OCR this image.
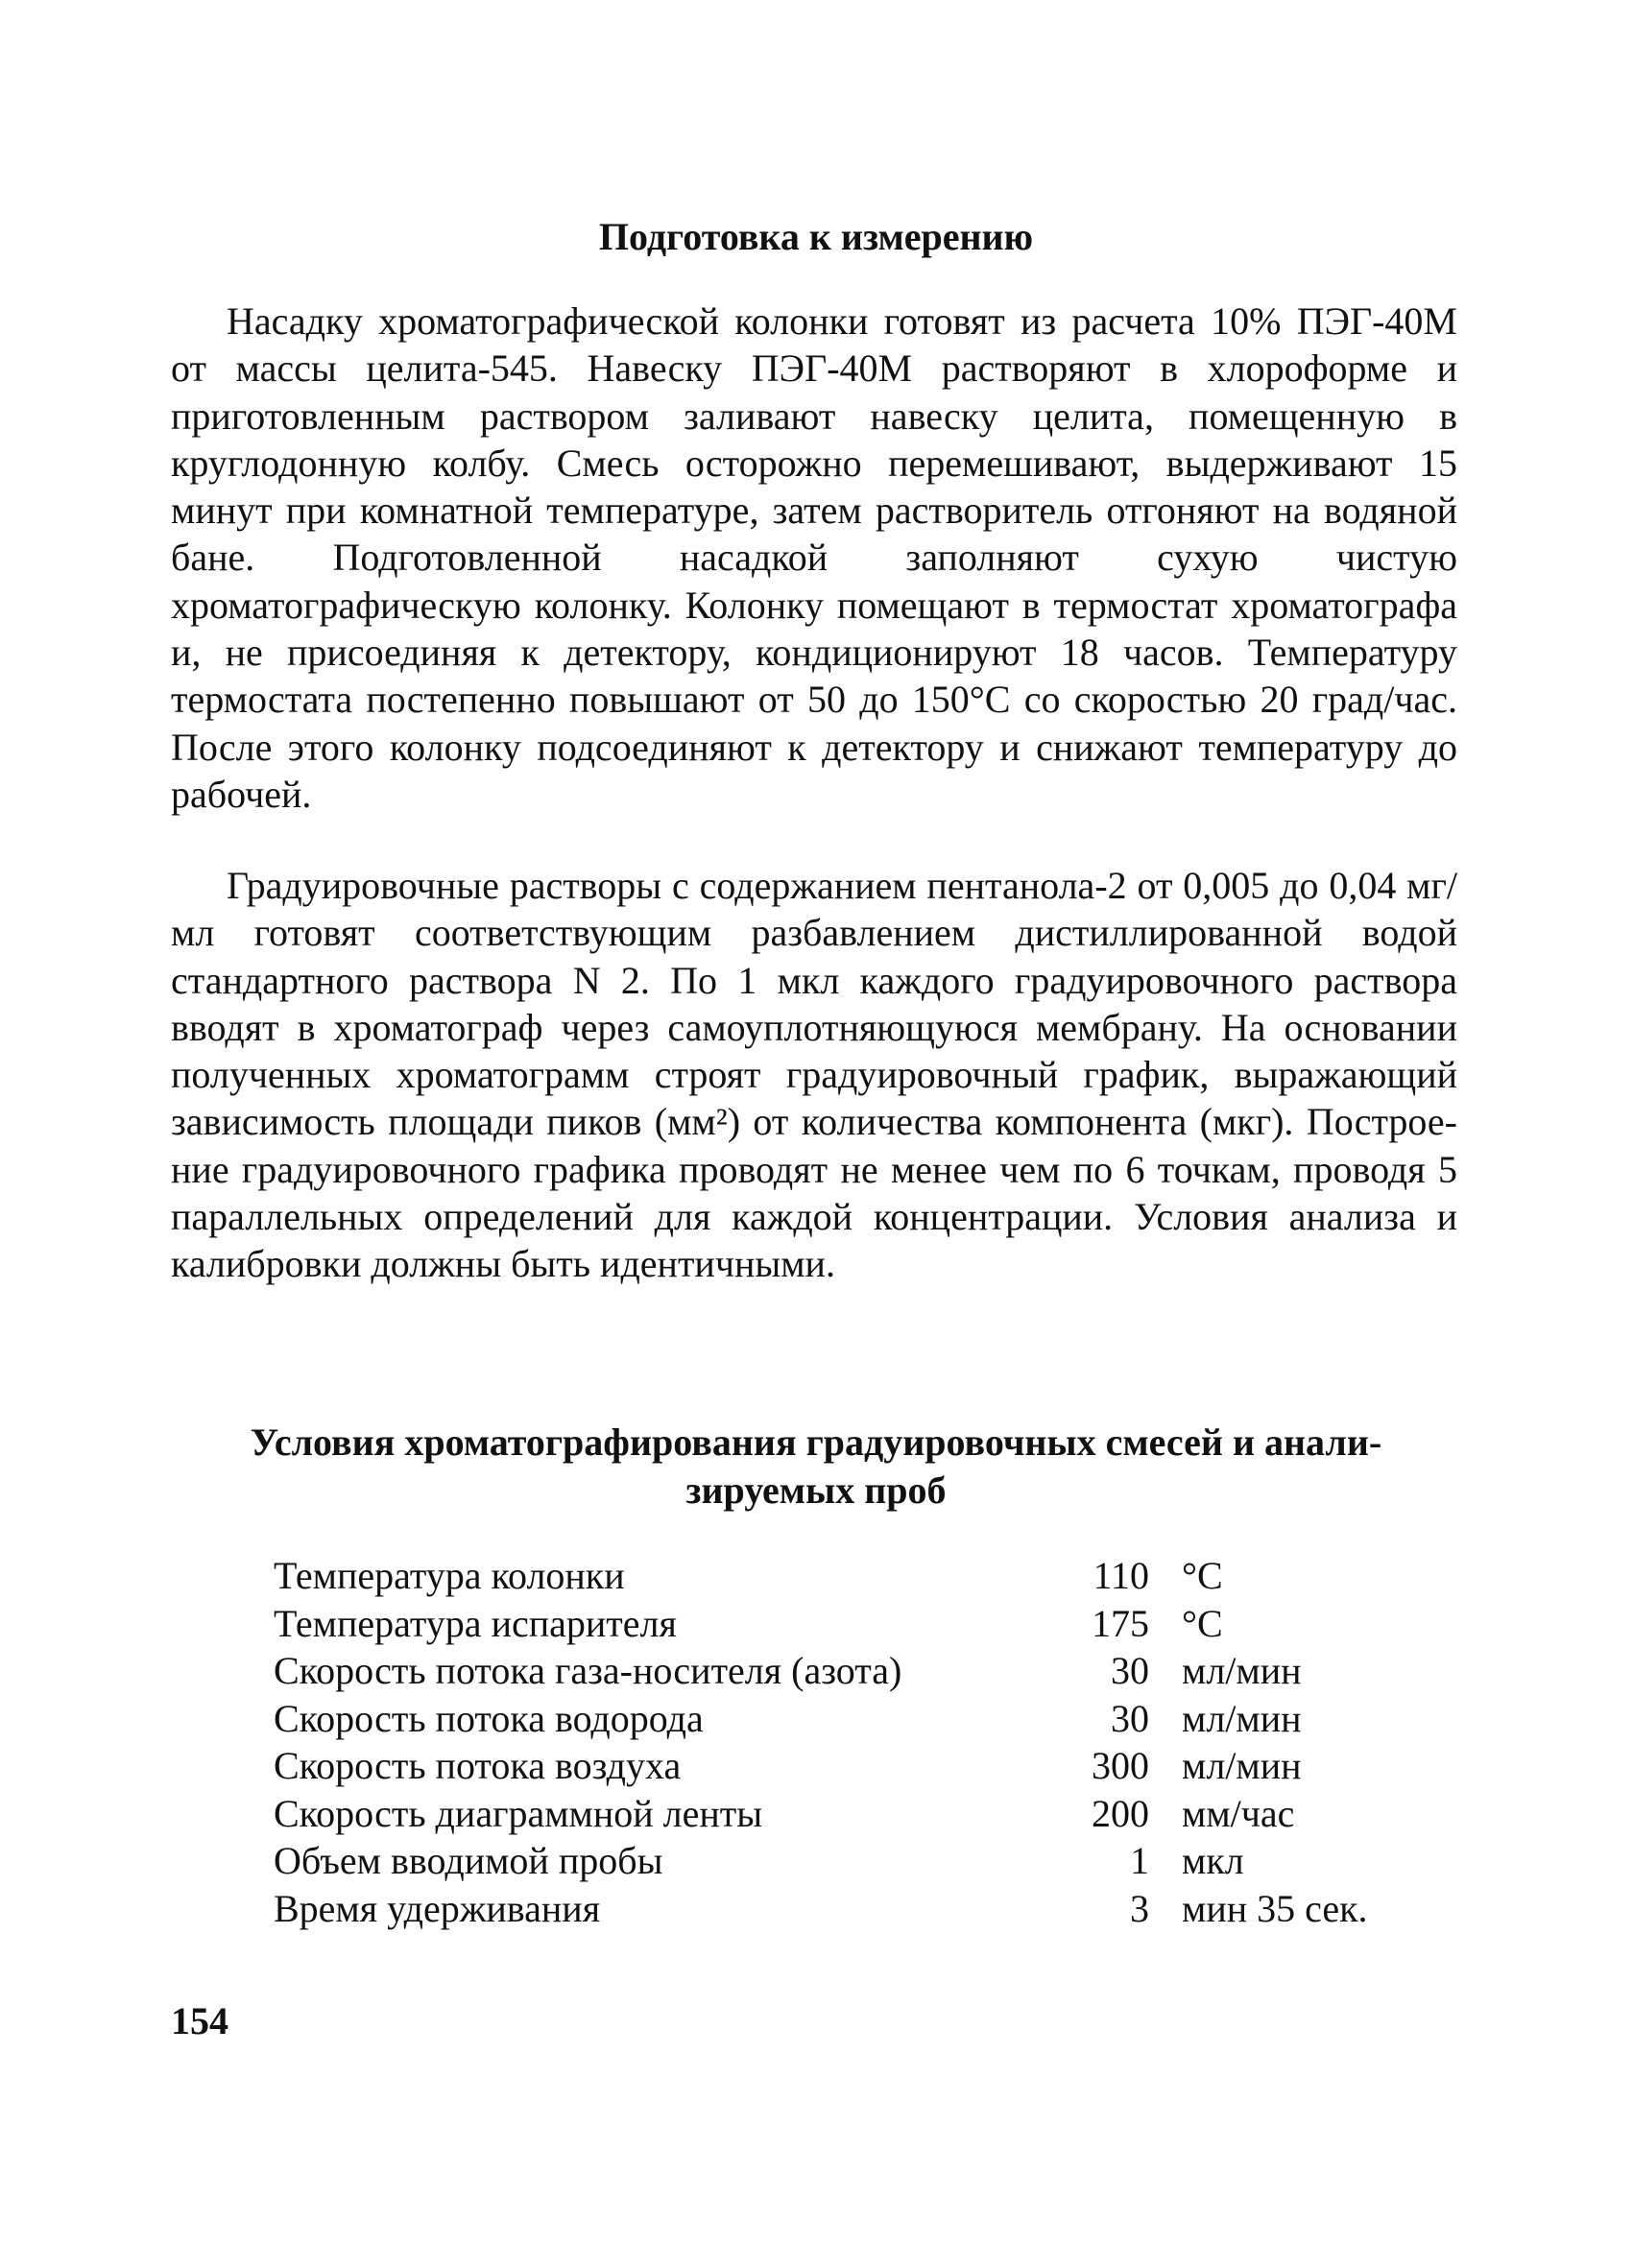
Подготовка к измерению

Насадку хроматографической колонки готовят из расчета 10% ПЭГ-40М от массы целита-545. Навеску ПЭГ-40М растворяют в хлороформе и приготовленным раствором заливают навеску целита, помещенную в круглодонную колбу. Смесь осторожно перемешивают, выдерживают 15 минут при комнатной температуре, затем растворитель отгоняют на водяной бане. Подготовленной насадкой заполняют сухую чистую хроматографическую колонку. Колонку помещают в термостат хроматографа и, не присоединяя к детектору, кондиционируют 18 часов. Температуру термостата постепенно повышают от 50 до 150°С со скоростью 20 град/час. После этого колонку подсоединяют к детектору и снижают температуру до рабочей.

Градуировочные растворы с содержанием пентанола-2 от 0,005 до 0,04 мг/мл готовят соответствующим разбавлением дистиллированной водой стандартного раствора N 2. По 1 мкл каждого градуировочного раствора вводят в хроматограф через самоуплотняющуюся мембрану. На основании полученных хроматограмм строят градуировочный график, выражающий зависимость площади пиков (мм²) от количества компонента (мкг). Построение градуировочного графика проводят не менее чем по 6 точкам, проводя 5 параллельных определений для каждой концентрации. Условия анализа и калибровки должны быть идентичными.

Условия хроматографирования градуировочных смесей и анали-зируемых проб
Температура колонки	110	°С
Температура испарителя	175	°С
Скорость потока газа-носителя (азота)	30	мл/мин
Скорость потока водорода	30	мл/мин
Скорость потока воздуха	300	мл/мин
Скорость диаграммной ленты	200	мм/час
Объем вводимой пробы	1	мкл
Время удерживания	3	мин 35 сек.
154
